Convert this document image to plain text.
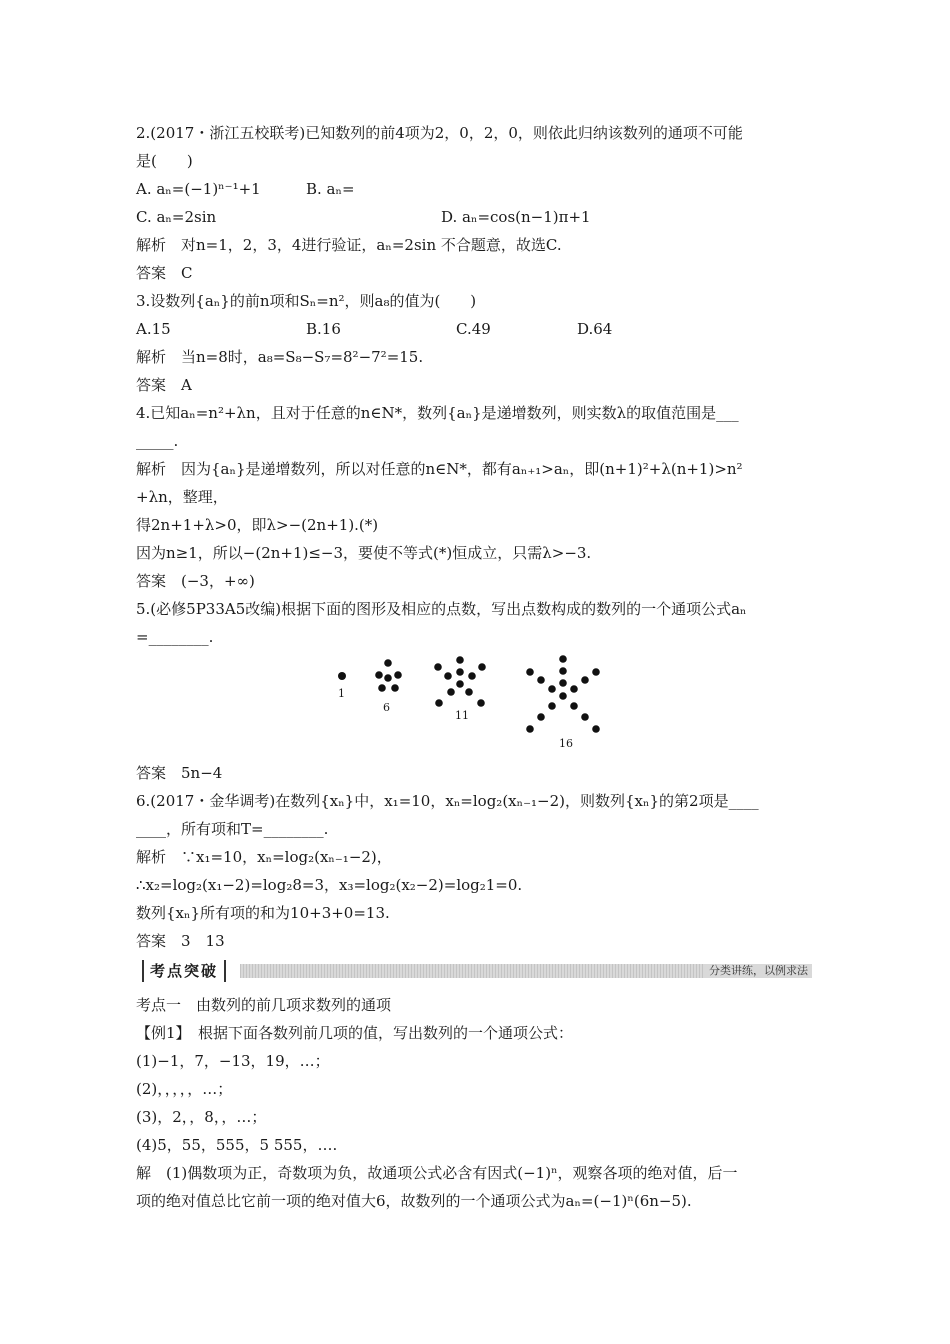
2.(2017・浙江五校联考)已知数列的前4项为2，0，2，0，则依此归纳该数列的通项不可能
是(　　)
A. aₙ=(−1)ⁿ⁻¹+1	B. aₙ=
C. aₙ=2sin	D. aₙ=cos(n−1)π+1
解析　对n=1，2，3，4进行验证，aₙ=2sin 不合题意，故选C.
答案　C
3.设数列{aₙ}的前n项和Sₙ=n²，则a₈的值为(　　)
A.15	B.16	C.49	D.64
解析　当n=8时，a₈=S₈−S₇=8²−7²=15.
答案　A
4.已知aₙ=n²+λn，且对于任意的n∈N*，数列{aₙ}是递增数列，则实数λ的取值范围是___
_____.
解析　因为{aₙ}是递增数列，所以对任意的n∈N*，都有aₙ₊₁>aₙ，即(n+1)²+λ(n+1)>n²
+λn，整理，
得2n+1+λ>0，即λ>−(2n+1).(*)
因为n≥1，所以−(2n+1)≤−3，要使不等式(*)恒成立，只需λ>−3.
答案　(−3，+∞)
5.(必修5P33A5改编)根据下面的图形及相应的点数，写出点数构成的数列的一个通项公式aₙ
=________.
1
6
11
16
答案　5n−4
6.(2017・金华调考)在数列{xₙ}中，x₁=10，xₙ=log₂(xₙ₋₁−2)，则数列{xₙ}的第2项是____
____，所有项和T=________.
解析　∵x₁=10，xₙ=log₂(xₙ₋₁−2)，
∴x₂=log₂(x₁−2)=log₂8=3，x₃=log₂(x₂−2)=log₂1=0.
数列{xₙ}所有项的和为10+3+0=13.
答案　3　13
考点突破	分类讲练，以例求法
考点一　由数列的前几项求数列的通项
【例1】　根据下面各数列前几项的值，写出数列的一个通项公式：
(1)−1，7，−13，19，…；
(2)，，，，，…；
(3)，2，，8，，…；
(4)5，55，555，5 555，….
解　(1)偶数项为正，奇数项为负，故通项公式必含有因式(−1)ⁿ，观察各项的绝对值，后一
项的绝对值总比它前一项的绝对值大6，故数列的一个通项公式为aₙ=(−1)ⁿ(6n−5).
